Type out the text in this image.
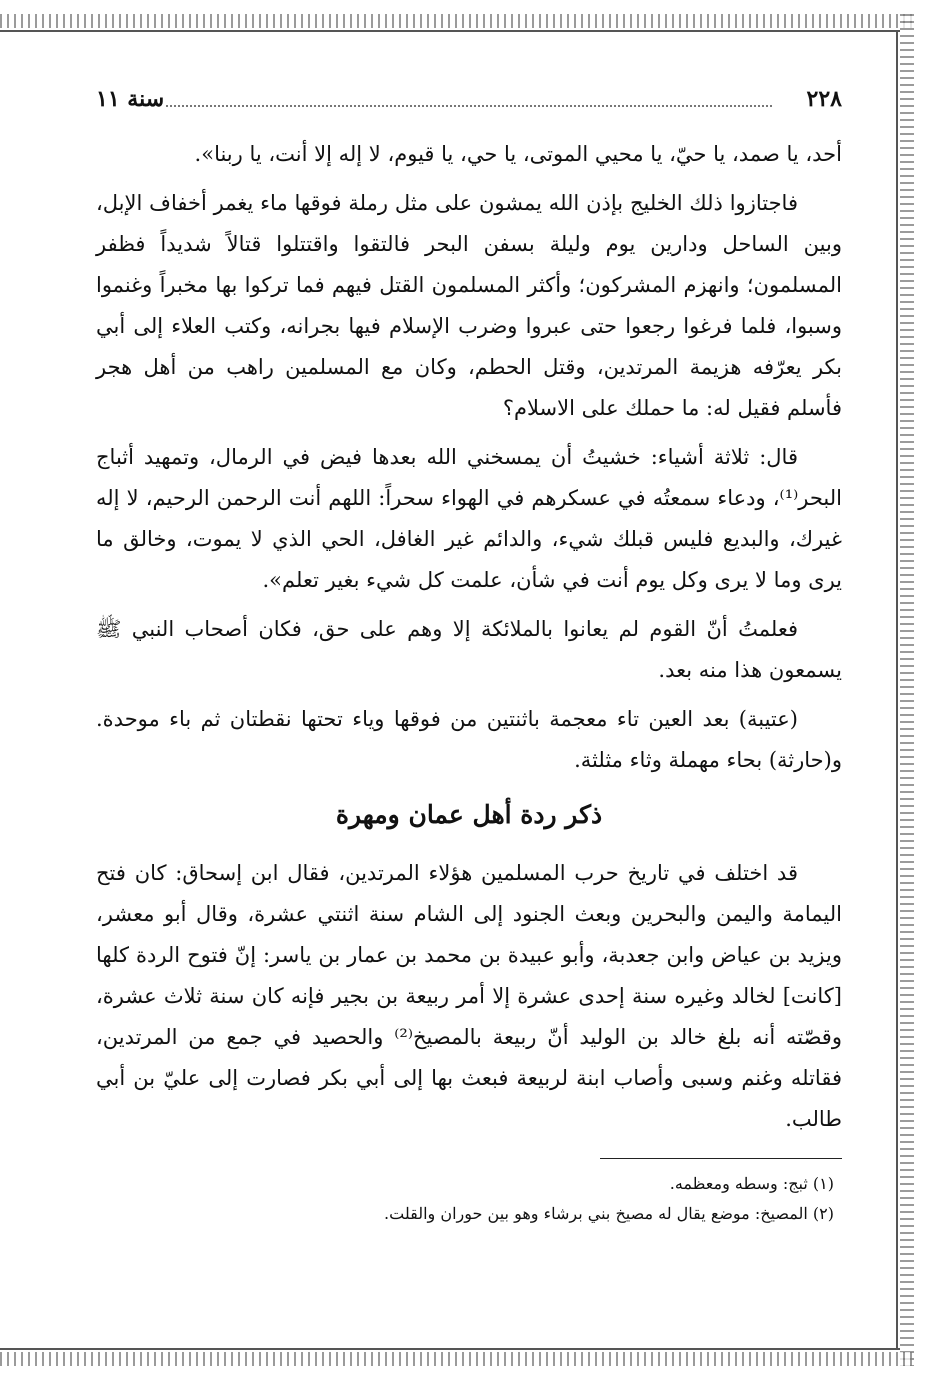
٢٢٨
سنة ١١

أحد، يا صمد، يا حيّ، يا محيي الموتى، يا حي، يا قيوم، لا إله إلا أنت، يا ربنا».

فاجتازوا ذلك الخليج بإذن الله يمشون على مثل رملة فوقها ماء يغمر أخفاف الإبل، وبين الساحل ودارين يوم وليلة بسفن البحر فالتقوا واقتتلوا قتالاً شديداً فظفر المسلمون؛ وانهزم المشركون؛ وأكثر المسلمون القتل فيهم فما تركوا بها مخبراً وغنموا وسبوا، فلما فرغوا رجعوا حتى عبروا وضرب الإسلام فيها بجرانه، وكتب العلاء إلى أبي بكر يعرّفه هزيمة المرتدين، وقتل الحطم، وكان مع المسلمين راهب من أهل هجر فأسلم فقيل له: ما حملك على الاسلام؟

قال: ثلاثة أشياء: خشيتُ أن يمسخني الله بعدها فيض في الرمال، وتمهيد أثباج البحر⁽¹⁾، ودعاء سمعتُه في عسكرهم في الهواء سحراً: اللهم أنت الرحمن الرحيم، لا إله غيرك، والبديع فليس قبلك شيء، والدائم غير الغافل، الحي الذي لا يموت، وخالق ما يرى وما لا يرى وكل يوم أنت في شأن، علمت كل شيء بغير تعلم».

فعلمتُ أنّ القوم لم يعانوا بالملائكة إلا وهم على حق، فكان أصحاب النبي ﷺ يسمعون هذا منه بعد.

(عتيبة) بعد العين تاء معجمة باثنتين من فوقها وياء تحتها نقطتان ثم باء موحدة. و(حارثة) بحاء مهملة وثاء مثلثة.

ذكر ردة أهل عمان ومهرة

قد اختلف في تاريخ حرب المسلمين هؤلاء المرتدين، فقال ابن إسحاق: كان فتح اليمامة واليمن والبحرين وبعث الجنود إلى الشام سنة اثنتي عشرة، وقال أبو معشر، ويزيد بن عياض وابن جعدبة، وأبو عبيدة بن محمد بن عمار بن ياسر: إنّ فتوح الردة كلها [كانت] لخالد وغيره سنة إحدى عشرة إلا أمر ربيعة بن بجير فإنه كان سنة ثلاث عشرة، وقصّته أنه بلغ خالد بن الوليد أنّ ربيعة بالمصيخ⁽²⁾ والحصيد في جمع من المرتدين، فقاتله وغنم وسبى وأصاب ابنة لربيعة فبعث بها إلى أبي بكر فصارت إلى عليّ بن أبي طالب.

(١) ثبج: وسطه ومعظمه.

(٢) المصيخ: موضع يقال له مصيخ بني برشاء وهو بين حوران والقلت.
